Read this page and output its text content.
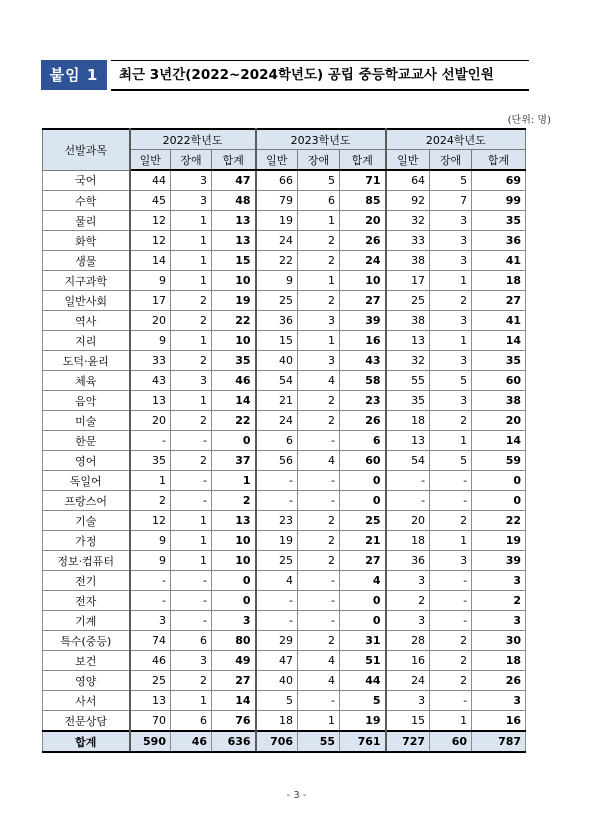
붙임 1	최근 3년간(2022~2024학년도) 공립 중등학교교사 선발인원
(단위: 명)
선발과목	2022학년도			2023학년도			2024학년도		
	일반	장애	합계	일반	장애	합계	일반	장애	합계
국어	44	3	47	66	5	71	64	5	69
수학	45	3	48	79	6	85	92	7	99
물리	12	1	13	19	1	20	32	3	35
화학	12	1	13	24	2	26	33	3	36
생물	14	1	15	22	2	24	38	3	41
지구과학	9	1	10	9	1	10	17	1	18
일반사회	17	2	19	25	2	27	25	2	27
역사	20	2	22	36	3	39	38	3	41
지리	9	1	10	15	1	16	13	1	14
도덕·윤리	33	2	35	40	3	43	32	3	35
체육	43	3	46	54	4	58	55	5	60
음악	13	1	14	21	2	23	35	3	38
미술	20	2	22	24	2	26	18	2	20
한문	-	-	0	6	-	6	13	1	14
영어	35	2	37	56	4	60	54	5	59
독일어	1	-	1	-	-	0	-	-	0
프랑스어	2	-	2	-	-	0	-	-	0
기술	12	1	13	23	2	25	20	2	22
가정	9	1	10	19	2	21	18	1	19
정보·컴퓨터	9	1	10	25	2	27	36	3	39
전기	-	-	0	4	-	4	3	-	3
전자	-	-	0	-	-	0	2	-	2
기계	3	-	3	-	-	0	3	-	3
특수(중등)	74	6	80	29	2	31	28	2	30
보건	46	3	49	47	4	51	16	2	18
영양	25	2	27	40	4	44	24	2	26
사서	13	1	14	5	-	5	3	-	3
전문상담	70	6	76	18	1	19	15	1	16
합계	590	46	636	706	55	761	727	60	787
- 3 -
